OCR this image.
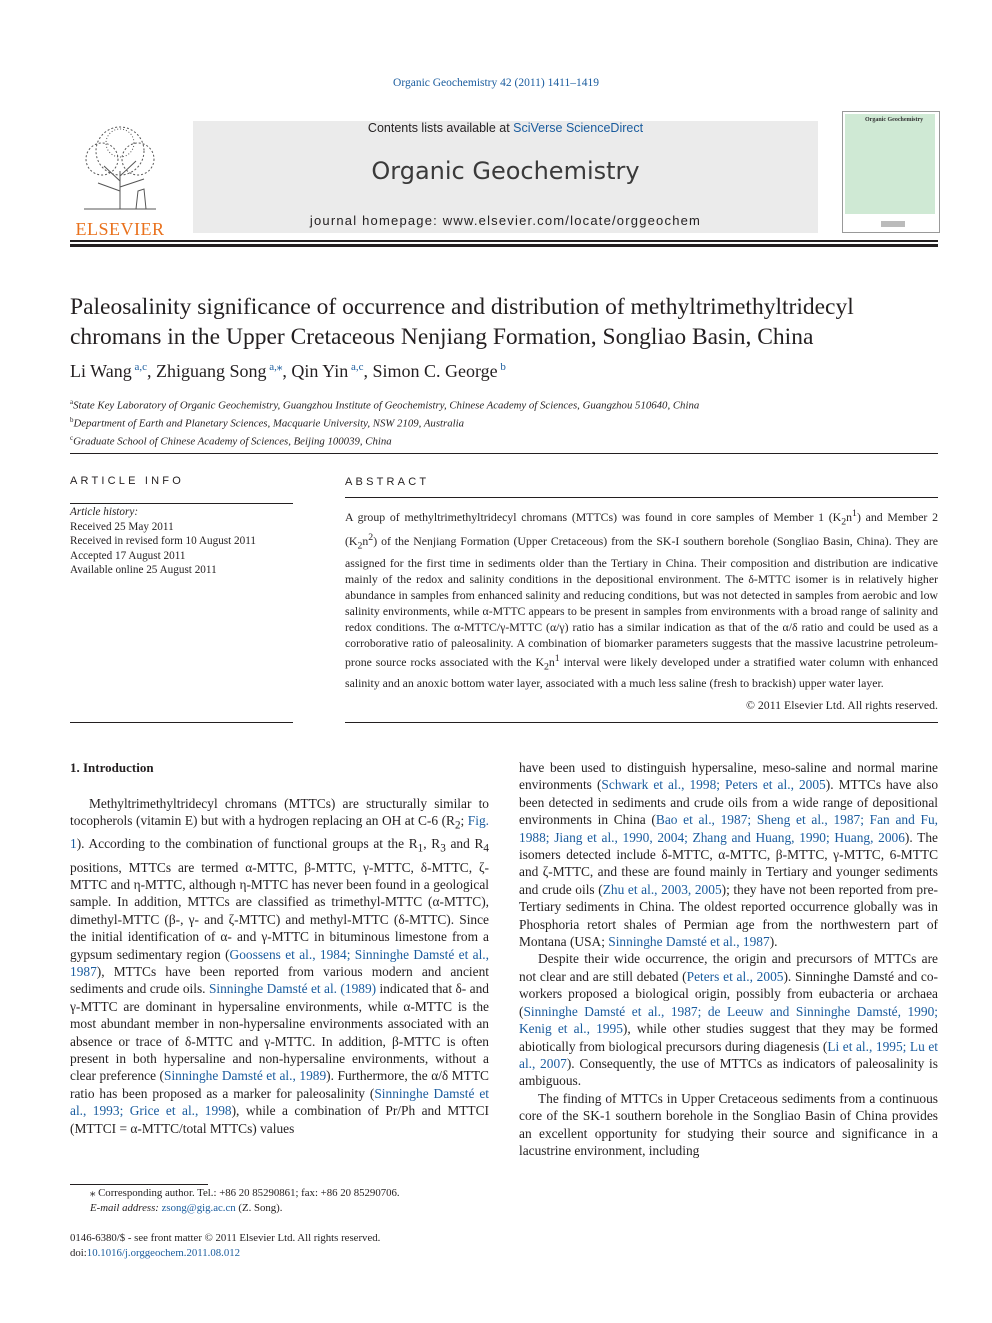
Organic Geochemistry 42 (2011) 1411–1419
ELSEVIER
Contents lists available at SciVerse ScienceDirect
Organic Geochemistry
journal homepage: www.elsevier.com/locate/orggeochem
Organic Geochemistry
Paleosalinity significance of occurrence and distribution of methyltrimethyltridecyl chromans in the Upper Cretaceous Nenjiang Formation, Songliao Basin, China
Li Wang $^{a,c}$, Zhiguang Song $^{a,⁎}$, Qin Yin $^{a,c}$, Simon C. George $^b$
$^a$State Key Laboratory of Organic Geochemistry, Guangzhou Institute of Geochemistry, Chinese Academy of Sciences, Guangzhou 510640, China
$^b$Department of Earth and Planetary Sciences, Macquarie University, NSW 2109, Australia
$^c$Graduate School of Chinese Academy of Sciences, Beijing 100039, China
ARTICLE INFO
Article history:
Received 25 May 2011
Received in revised form 10 August 2011
Accepted 17 August 2011
Available online 25 August 2011
ABSTRACT
A group of methyltrimethyltridecyl chromans (MTTCs) was found in core samples of Member 1 $(K_2n^1)$ and Member 2 $(K_2n^2)$ of the Nenjiang Formation (Upper Cretaceous) from the SK-I southern borehole (Songliao Basin, China). They are assigned for the first time in sediments older than the Tertiary in China. Their composition and distribution are indicative mainly of the redox and salinity conditions in the depositional environment. The δ-MTTC isomer is in relatively higher abundance in samples from enhanced salinity and reducing conditions, but was not detected in samples from aerobic and low salinity environments, while α-MTTC appears to be present in samples from environments with a broad range of salinity and redox conditions. The α-MTTC/γ-MTTC (α/γ) ratio has a similar indication as that of the α/δ ratio and could be used as a corroborative ratio of paleosalinity. A combination of biomarker parameters suggests that the massive lacustrine petroleum-prone source rocks associated with the $K_2n^1$ interval were likely developed under a stratified water column with enhanced salinity and an anoxic bottom water layer, associated with a much less saline (fresh to brackish) upper water layer.
© 2011 Elsevier Ltd. All rights reserved.
1. Introduction

Methyltrimethyltridecyl chromans (MTTCs) are structurally similar to tocopherols (vitamin E) but with a hydrogen replacing an OH at C-6 ($R_2$; Fig. 1). According to the combination of functional groups at the $R_1$, $R_3$ and $R_4$ positions, MTTCs are termed α-MTTC, β-MTTC, γ-MTTC, δ-MTTC, ζ-MTTC and η-MTTC, although η-MTTC has never been found in a geological sample. In addition, MTTCs are classified as trimethyl-MTTC (α-MTTC), dimethyl-MTTC (β-, γ- and ζ-MTTC) and methyl-MTTC (δ-MTTC). Since the initial identification of α- and γ-MTTC in bituminous limestone from a gypsum sedimentary region (Goossens et al., 1984; Sinninghe Damsté et al., 1987), MTTCs have been reported from various modern and ancient sediments and crude oils. Sinninghe Damsté et al. (1989) indicated that δ- and γ-MTTC are dominant in hypersaline environments, while α-MTTC is the most abundant member in non-hypersaline environments associated with an absence or trace of δ-MTTC and γ-MTTC. In addition, β-MTTC is often present in both hypersaline and non-hypersaline environments, without a clear preference (Sinninghe Damsté et al., 1989). Furthermore, the α/δ MTTC ratio has been proposed as a marker for paleosalinity (Sinninghe Damsté et al., 1993; Grice et al., 1998), while a combination of Pr/Ph and MTTCI (MTTCI = α-MTTC/total MTTCs) values

have been used to distinguish hypersaline, meso-saline and normal marine environments (Schwark et al., 1998; Peters et al., 2005). MTTCs have also been detected in sediments and crude oils from a wide range of depositional environments in China (Bao et al., 1987; Sheng et al., 1987; Fan and Fu, 1988; Jiang et al., 1990, 2004; Zhang and Huang, 1990; Huang, 2006). The isomers detected include δ-MTTC, α-MTTC, β-MTTC, γ-MTTC, 6-MTTC and ζ-MTTC, and these are found mainly in Tertiary and younger sediments and crude oils (Zhu et al., 2003, 2005); they have not been reported from pre-Tertiary sediments in China. The oldest reported occurrence globally was in Phosphoria retort shales of Permian age from the northwestern part of Montana (USA; Sinninghe Damsté et al., 1987).

Despite their wide occurrence, the origin and precursors of MTTCs are not clear and are still debated (Peters et al., 2005). Sinninghe Damsté and co-workers proposed a biological origin, possibly from eubacteria or archaea (Sinninghe Damsté et al., 1987; de Leeuw and Sinninghe Damsté, 1990; Kenig et al., 1995), while other studies suggest that they may be formed abiotically from biological precursors during diagenesis (Li et al., 1995; Lu et al., 2007). Consequently, the use of MTTCs as indicators of paleosalinity is ambiguous.

The finding of MTTCs in Upper Cretaceous sediments from a continuous core of the SK-1 southern borehole in the Songliao Basin of China provides an excellent opportunity for studying their source and significance in a lacustrine environment, including

⁎ Corresponding author. Tel.: +86 20 85290861; fax: +86 20 85290706.
E-mail address: zsong@gig.ac.cn (Z. Song).
0146-6380/$ - see front matter © 2011 Elsevier Ltd. All rights reserved.
doi:10.1016/j.orggeochem.2011.08.012
